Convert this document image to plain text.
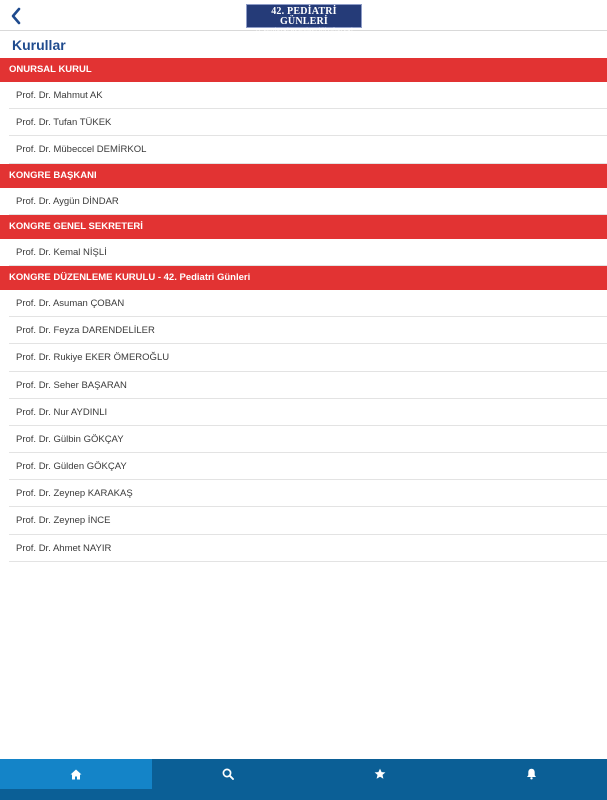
42. PEDİATRİ GÜNLERİ
21. PEDİATRİ HEMŞİRELİĞİ GÜNLERİ
Kurullar
ONURSAL KURUL
Prof. Dr. Mahmut AK
Prof. Dr. Tufan TÜKEK
Prof. Dr. Mübeccel DEMİRKOL
KONGRE BAŞKANI
Prof. Dr. Aygün DİNDAR
KONGRE GENEL SEKRETERİ
Prof. Dr. Kemal NİŞLİ
KONGRE DÜZENLEME KURULU - 42. Pediatri Günleri
Prof. Dr. Asuman ÇOBAN
Prof. Dr. Feyza DARENDELİLER
Prof. Dr. Rukiye EKER ÖMEROĞLU
Prof. Dr. Seher BAŞARAN
Prof. Dr. Nur AYDINLI
Prof. Dr. Gülbin GÖKÇAY
Prof. Dr. Gülden GÖKÇAY
Prof. Dr. Zeynep KARAKAŞ
Prof. Dr. Zeynep İNCE
Prof. Dr. Ahmet NAYIR
